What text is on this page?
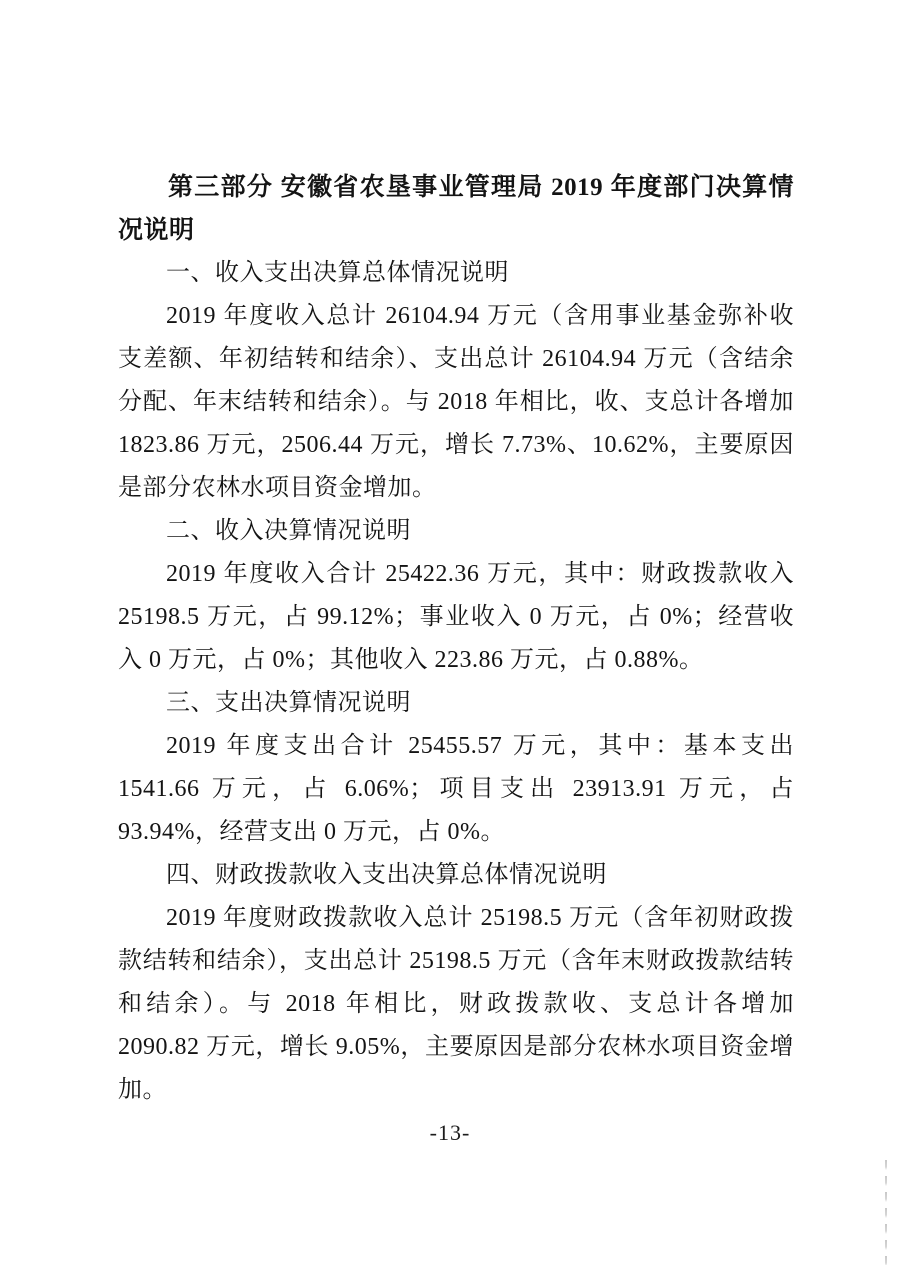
第三部分 安徽省农垦事业管理局 2019 年度部门决算情况说明

一、收入支出决算总体情况说明

2019 年度收入总计 26104.94 万元（含用事业基金弥补收支差额、年初结转和结余）、支出总计 26104.94 万元（含结余分配、年末结转和结余）。与 2018 年相比，收、支总计各增加 1823.86 万元，2506.44 万元，增长 7.73%、10.62%，主要原因是部分农林水项目资金增加。

二、收入决算情况说明

2019 年度收入合计 25422.36 万元，其中：财政拨款收入 25198.5 万元，占 99.12%；事业收入 0 万元，占 0%；经营收入 0 万元，占 0%；其他收入 223.86 万元，占 0.88%。

三、支出决算情况说明

2019 年度支出合计 25455.57 万元，其中：基本支出 1541.66 万元，占 6.06%；项目支出 23913.91 万元，占 93.94%，经营支出 0 万元，占 0%。

四、财政拨款收入支出决算总体情况说明

2019 年度财政拨款收入总计 25198.5 万元（含年初财政拨款结转和结余），支出总计 25198.5 万元（含年末财政拨款结转和结余）。与 2018 年相比，财政拨款收、支总计各增加 2090.82 万元，增长 9.05%，主要原因是部分农林水项目资金增加。

-13-
